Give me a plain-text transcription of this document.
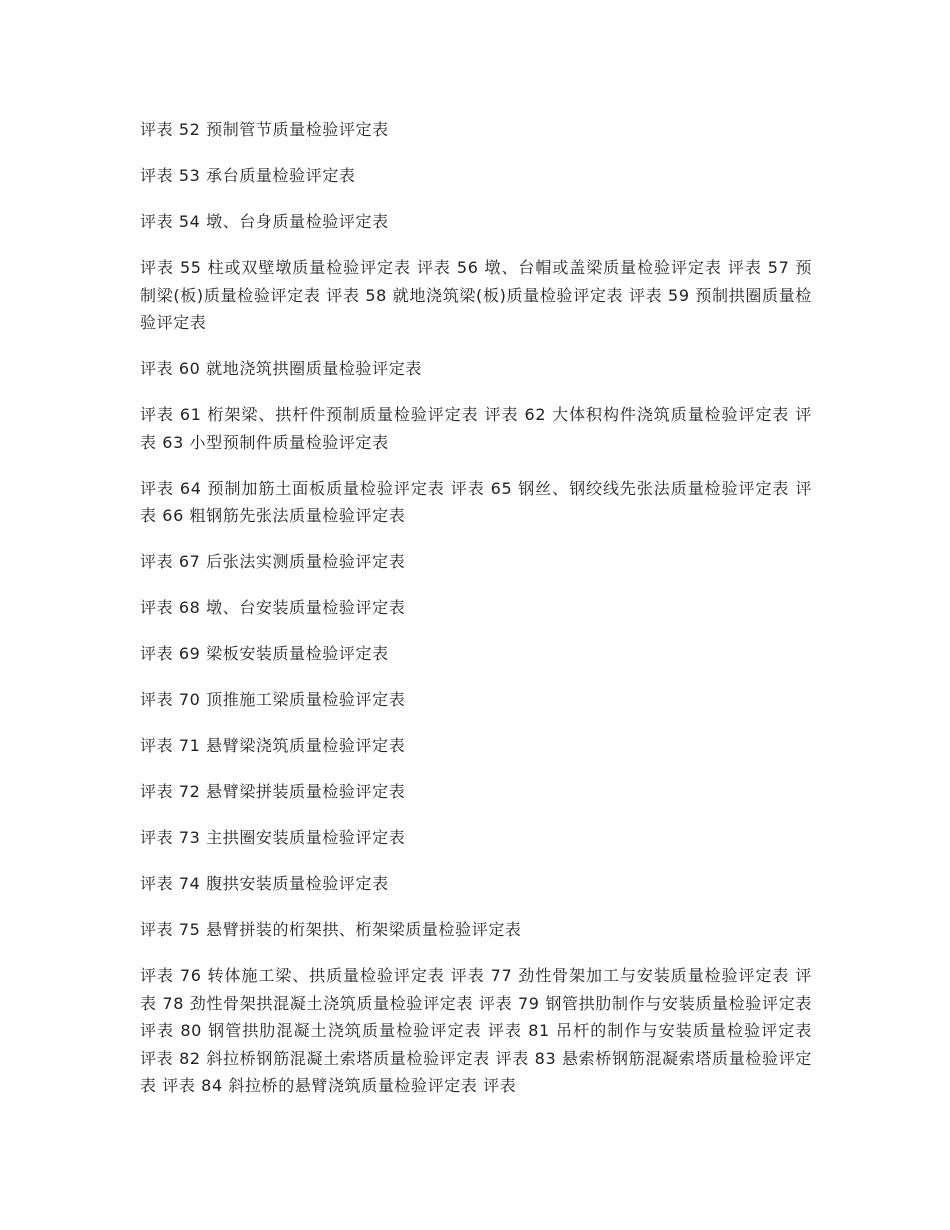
评表 52 预制管节质量检验评定表

评表 53 承台质量检验评定表

评表 54 墩、台身质量检验评定表

评表 55 柱或双壁墩质量检验评定表 评表 56 墩、台帽或盖梁质量检验评定表 评表 57 预制梁(板)质量检验评定表 评表 58 就地浇筑梁(板)质量检验评定表 评表 59 预制拱圈质量检验评定表

评表 60 就地浇筑拱圈质量检验评定表

评表 61 桁架梁、拱杆件预制质量检验评定表 评表 62 大体积构件浇筑质量检验评定表 评表 63 小型预制件质量检验评定表

评表 64 预制加筋土面板质量检验评定表 评表 65 钢丝、钢绞线先张法质量检验评定表 评表 66 粗钢筋先张法质量检验评定表

评表 67 后张法实测质量检验评定表

评表 68 墩、台安装质量检验评定表

评表 69 梁板安装质量检验评定表

评表 70 顶推施工梁质量检验评定表

评表 71 悬臂梁浇筑质量检验评定表

评表 72 悬臂梁拼装质量检验评定表

评表 73 主拱圈安装质量检验评定表

评表 74 腹拱安装质量检验评定表

评表 75 悬臂拼装的桁架拱、桁架梁质量检验评定表

评表 76 转体施工梁、拱质量检验评定表 评表 77 劲性骨架加工与安装质量检验评定表 评表 78 劲性骨架拱混凝土浇筑质量检验评定表 评表 79 钢管拱肋制作与安装质量检验评定表 评表 80 钢管拱肋混凝土浇筑质量检验评定表 评表 81 吊杆的制作与安装质量检验评定表 评表 82 斜拉桥钢筋混凝土索塔质量检验评定表 评表 83 悬索桥钢筋混凝索塔质量检验评定表 评表 84 斜拉桥的悬臂浇筑质量检验评定表 评表
